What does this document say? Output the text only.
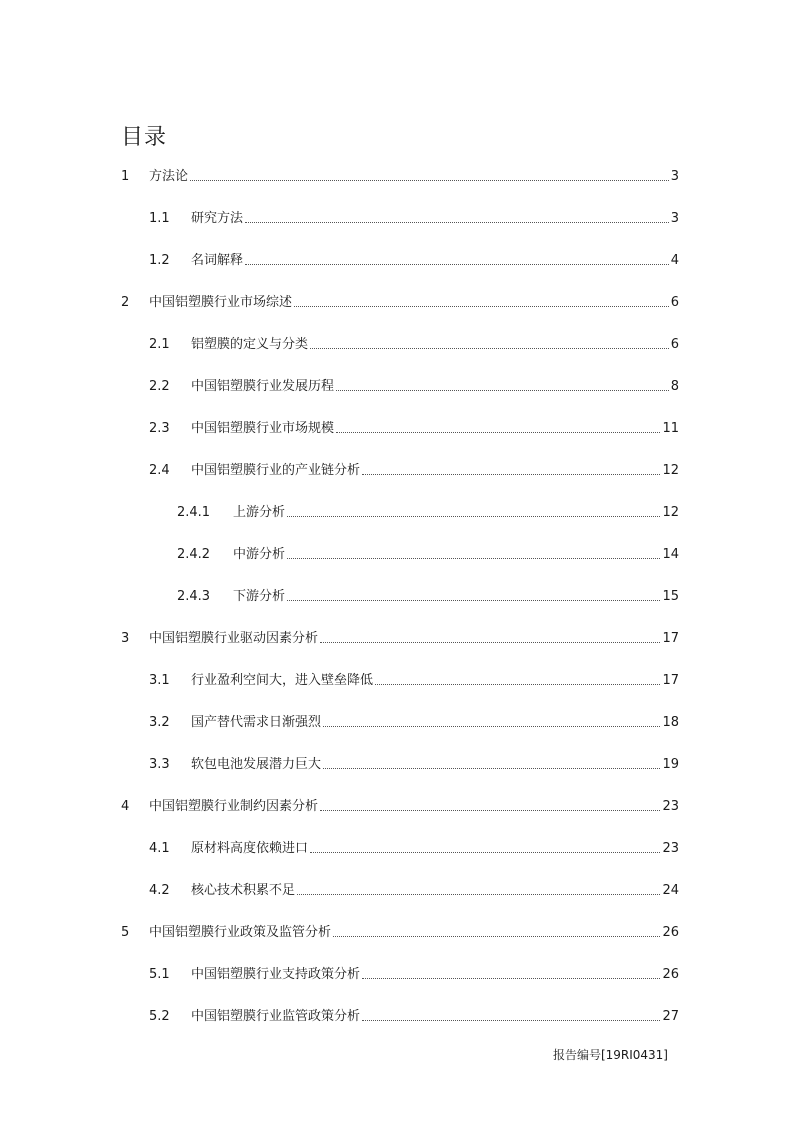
目录
1 方法论	3
1.1 研究方法	3
1.2 名词解释	4
2 中国铝塑膜行业市场综述	6
2.1 铝塑膜的定义与分类	6
2.2 中国铝塑膜行业发展历程	8
2.3 中国铝塑膜行业市场规模	11
2.4 中国铝塑膜行业的产业链分析	12
2.4.1 上游分析	12
2.4.2 中游分析	14
2.4.3 下游分析	15
3 中国铝塑膜行业驱动因素分析	17
3.1 行业盈利空间大，进入壁垒降低	17
3.2 国产替代需求日渐强烈	18
3.3 软包电池发展潜力巨大	19
4 中国铝塑膜行业制约因素分析	23
4.1 原材料高度依赖进口	23
4.2 核心技术积累不足	24
5 中国铝塑膜行业政策及监管分析	26
5.1 中国铝塑膜行业支持政策分析	26
5.2 中国铝塑膜行业监管政策分析	27
报告编号[19RI0431]
